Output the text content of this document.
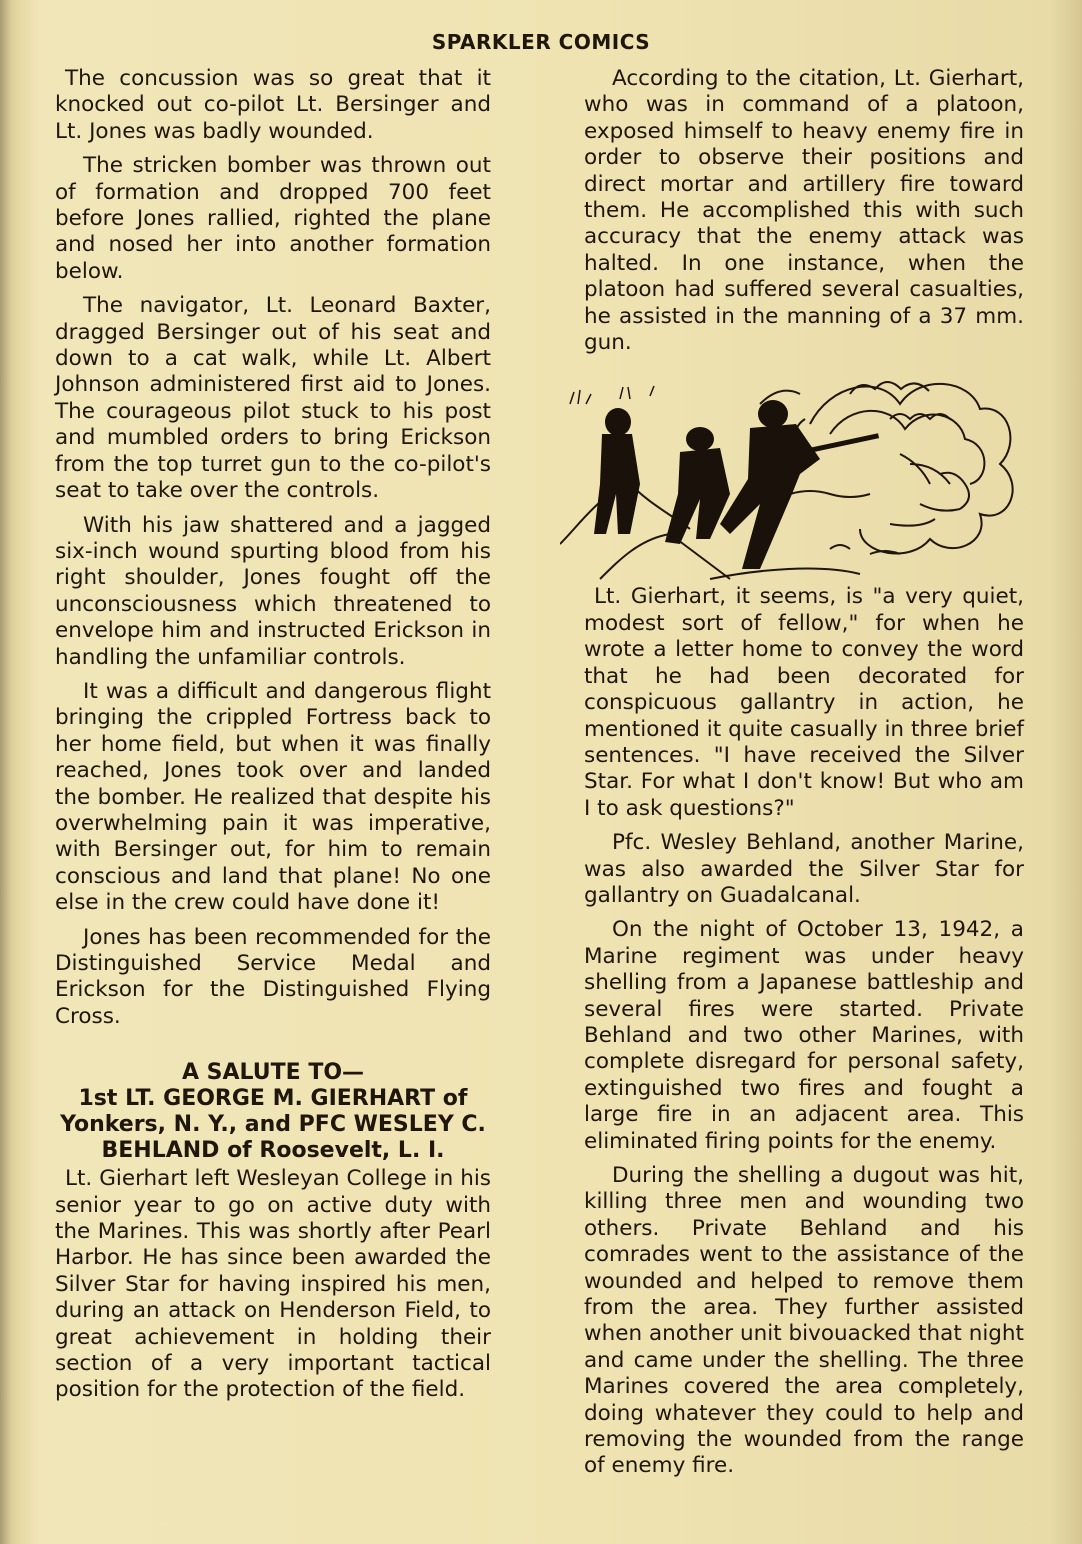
SPARKLER COMICS

The concussion was so great that it knocked out co-pilot Lt. Bersinger and Lt. Jones was badly wounded.

The stricken bomber was thrown out of formation and dropped 700 feet before Jones rallied, righted the plane and nosed her into another formation below.

The navigator, Lt. Leonard Baxter, dragged Bersinger out of his seat and down to a cat walk, while Lt. Albert Johnson administered first aid to Jones. The courageous pilot stuck to his post and mumbled orders to bring Erickson from the top turret gun to the co-pilot's seat to take over the controls.

With his jaw shattered and a jagged six-inch wound spurting blood from his right shoulder, Jones fought off the unconsciousness which threatened to envelope him and instructed Erickson in handling the unfamiliar controls.

It was a difficult and dangerous flight bringing the crippled Fortress back to her home field, but when it was finally reached, Jones took over and landed the bomber. He realized that despite his overwhelming pain it was imperative, with Bersinger out, for him to remain conscious and land that plane! No one else in the crew could have done it!

Jones has been recommended for the Distinguished Service Medal and Erickson for the Distinguished Flying Cross.

A SALUTE TO—
1st LT. GEORGE M. GIERHART of Yonkers, N. Y., and PFC WESLEY C. BEHLAND of Roosevelt, L. I.

Lt. Gierhart left Wesleyan College in his senior year to go on active duty with the Marines. This was shortly after Pearl Harbor. He has since been awarded the Silver Star for having inspired his men, during an attack on Henderson Field, to great achievement in holding their section of a very important tactical position for the protection of the field.

According to the citation, Lt. Gierhart, who was in command of a platoon, exposed himself to heavy enemy fire in order to observe their positions and direct mortar and artillery fire toward them. He accomplished this with such accuracy that the enemy attack was halted. In one instance, when the platoon had suffered several casualties, he assisted in the manning of a 37 mm. gun.

Lt. Gierhart, it seems, is "a very quiet, modest sort of fellow," for when he wrote a letter home to convey the word that he had been decorated for conspicuous gallantry in action, he mentioned it quite casually in three brief sentences. "I have received the Silver Star. For what I don't know! But who am I to ask questions?"

Pfc. Wesley Behland, another Marine, was also awarded the Silver Star for gallantry on Guadalcanal.

On the night of October 13, 1942, a Marine regiment was under heavy shelling from a Japanese battleship and several fires were started. Private Behland and two other Marines, with complete disregard for personal safety, extinguished two fires and fought a large fire in an adjacent area. This eliminated firing points for the enemy.

During the shelling a dugout was hit, killing three men and wounding two others. Private Behland and his comrades went to the assistance of the wounded and helped to remove them from the area. They further assisted when another unit bivouacked that night and came under the shelling. The three Marines covered the area completely, doing whatever they could to help and removing the wounded from the range of enemy fire.
